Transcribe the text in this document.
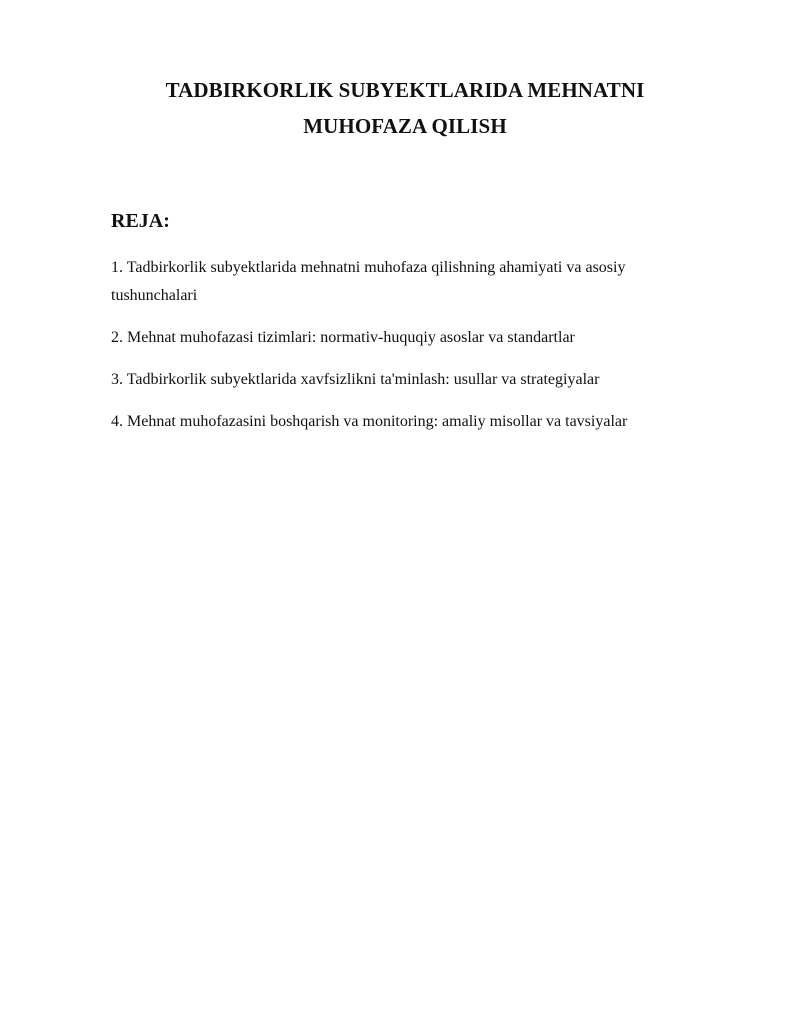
TADBIRKORLIK SUBYEKTLARIDA MEHNATNI
MUHOFAZA QILISH
REJA:
1. Tadbirkorlik subyektlarida mehnatni muhofaza qilishning ahamiyati va asosiy tushunchalari
2. Mehnat muhofazasi tizimlari: normativ-huquqiy asoslar va standartlar
3. Tadbirkorlik subyektlarida xavfsizlikni ta'minlash: usullar va strategiyalar
4. Mehnat muhofazasini boshqarish va monitoring: amaliy misollar va tavsiyalar
